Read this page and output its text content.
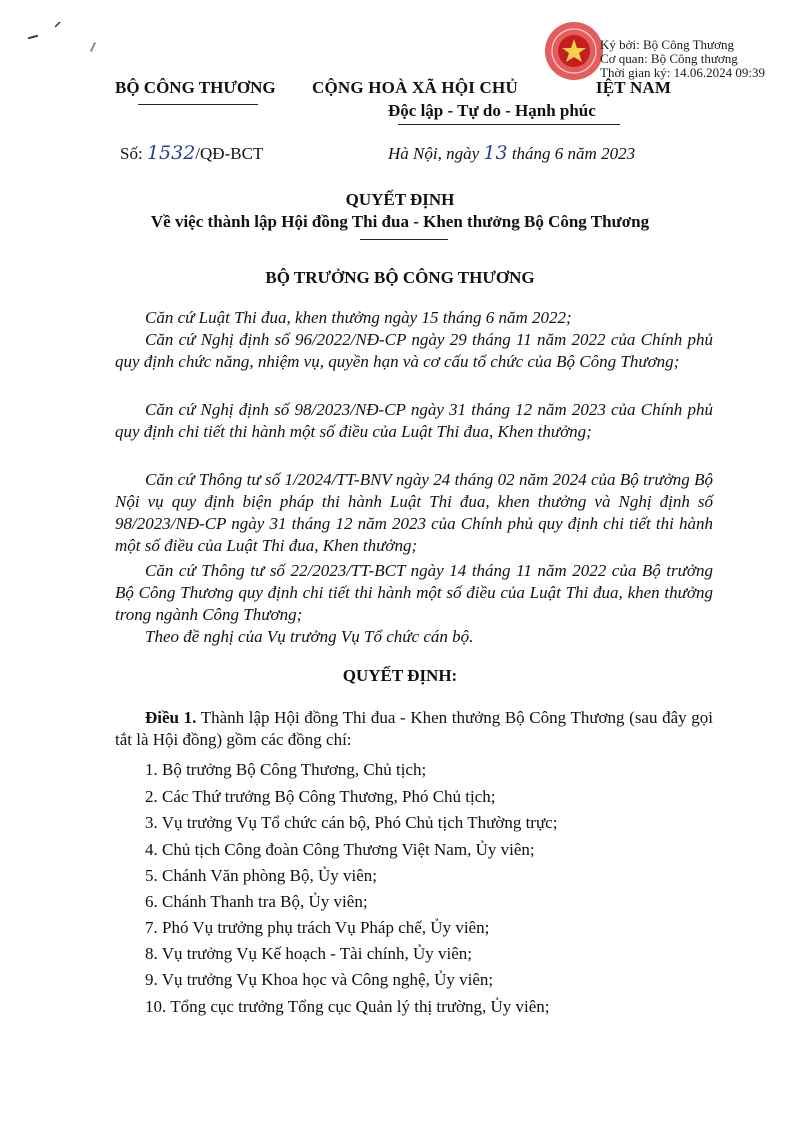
BỘ CÔNG THƯƠNG CỘNG HOÀ XÃ HỘI CHỦ	IỆT NAM
Độc lập - Tự do - Hạnh phúc
Số: 1532/QĐ-BCT	Hà Nội, ngày 13 tháng 6 năm 2023
Ký bởi: Bộ Công Thương
Cơ quan: Bộ Công thương
Thời gian ký: 14.06.2024 09:39
QUYẾT ĐỊNH
Về việc thành lập Hội đồng Thi đua - Khen thưởng Bộ Công Thương
BỘ TRƯỞNG BỘ CÔNG THƯƠNG
Căn cứ Luật Thi đua, khen thưởng ngày 15 tháng 6 năm 2022;
Căn cứ Nghị định số 96/2022/NĐ-CP ngày 29 tháng 11 năm 2022 của Chính phủ quy định chức năng, nhiệm vụ, quyền hạn và cơ cấu tổ chức của Bộ Công Thương;
Căn cứ Nghị định số 98/2023/NĐ-CP ngày 31 tháng 12 năm 2023 của Chính phủ quy định chi tiết thi hành một số điều của Luật Thi đua, Khen thưởng;
Căn cứ Thông tư số 1/2024/TT-BNV ngày 24 tháng 02 năm 2024 của Bộ trưởng Bộ Nội vụ quy định biện pháp thi hành Luật Thi đua, khen thưởng và Nghị định số 98/2023/NĐ-CP ngày 31 tháng 12 năm 2023 của Chính phủ quy định chi tiết thi hành một số điều của Luật Thi đua, Khen thưởng;
Căn cứ Thông tư số 22/2023/TT-BCT ngày 14 tháng 11 năm 2022 của Bộ trưởng Bộ Công Thương quy định chi tiết thi hành một số điều của Luật Thi đua, khen thưởng trong ngành Công Thương;
Theo đề nghị của Vụ trưởng Vụ Tổ chức cán bộ.
QUYẾT ĐỊNH:
Điều 1. Thành lập Hội đồng Thi đua - Khen thưởng Bộ Công Thương (sau đây gọi tắt là Hội đồng) gồm các đồng chí:
1. Bộ trưởng Bộ Công Thương, Chủ tịch;
2. Các Thứ trưởng Bộ Công Thương, Phó Chủ tịch;
3. Vụ trưởng Vụ Tổ chức cán bộ, Phó Chủ tịch Thường trực;
4. Chủ tịch Công đoàn Công Thương Việt Nam, Ủy viên;
5. Chánh Văn phòng Bộ, Ủy viên;
6. Chánh Thanh tra Bộ, Ủy viên;
7. Phó Vụ trưởng phụ trách Vụ Pháp chế, Ủy viên;
8. Vụ trưởng Vụ Kế hoạch - Tài chính, Ủy viên;
9. Vụ trưởng Vụ Khoa học và Công nghệ, Ủy viên;
10. Tổng cục trưởng Tổng cục Quản lý thị trường, Ủy viên;
